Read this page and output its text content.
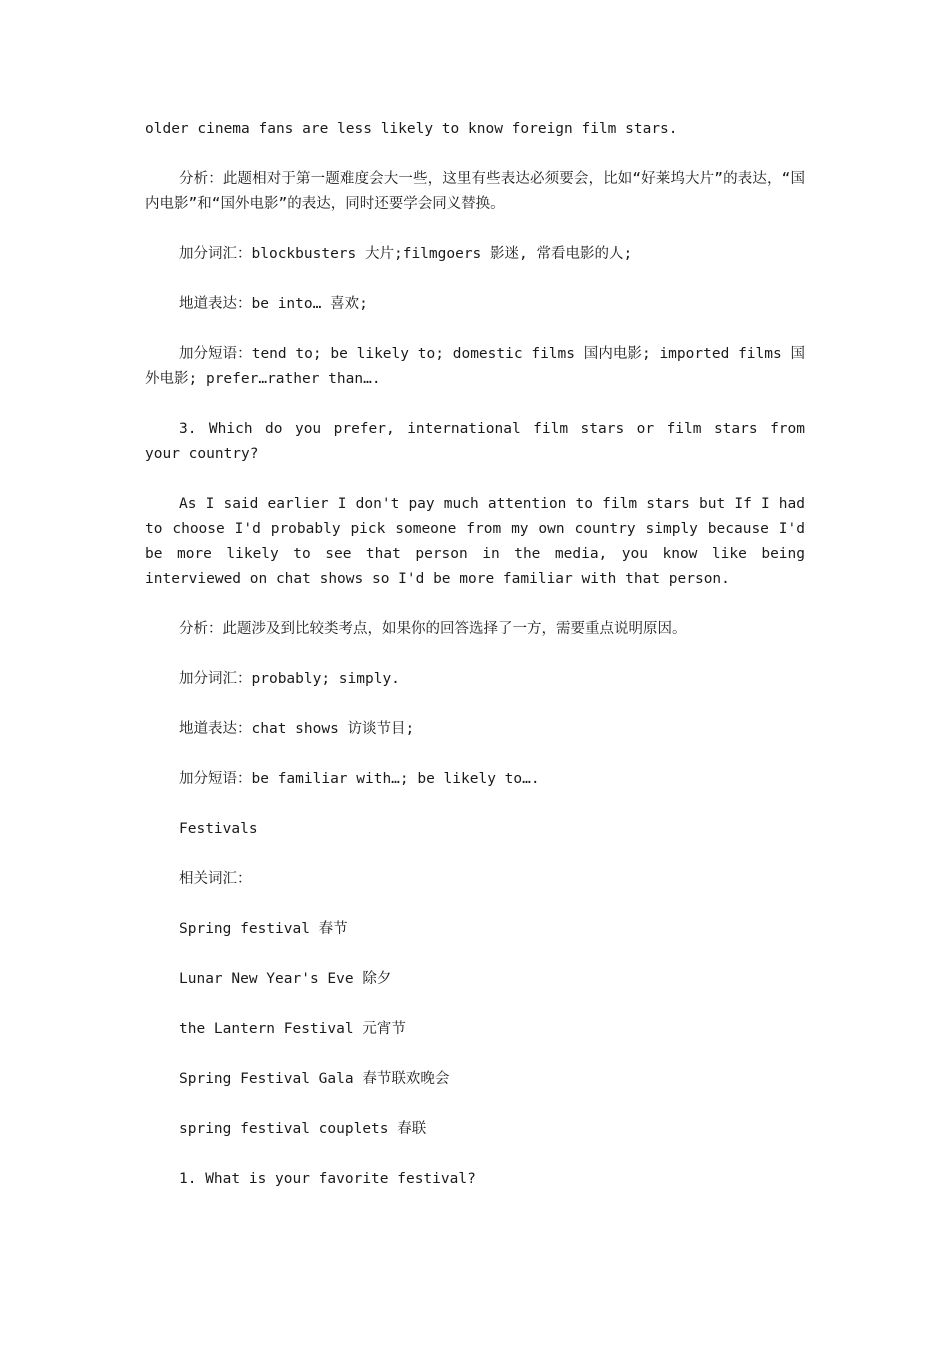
older cinema fans are less likely to know foreign film stars.

分析：此题相对于第一题难度会大一些，这里有些表达必须要会，比如“好莱坞大片”的表达，“国内电影”和“国外电影”的表达，同时还要学会同义替换。

加分词汇：blockbusters 大片;filmgoers 影迷, 常看电影的人;

地道表达：be into… 喜欢;

加分短语：tend to; be likely to; domestic films 国内电影; imported films 国外电影; prefer…rather than….

3. Which do you prefer, international film stars or film stars from your country?

As I said earlier I don't pay much attention to film stars but If I had to choose I'd probably pick someone from my own country simply because I'd be more likely to see that person in the media, you know like being interviewed on chat shows so I'd be more familiar with that person.

分析：此题涉及到比较类考点，如果你的回答选择了一方，需要重点说明原因。

加分词汇：probably; simply.

地道表达：chat shows 访谈节目;

加分短语：be familiar with…; be likely to….

Festivals

相关词汇：

Spring festival 春节

Lunar New Year's Eve 除夕

the Lantern Festival 元宵节

Spring Festival Gala 春节联欢晚会

spring festival couplets 春联

1. What is your favorite festival?
